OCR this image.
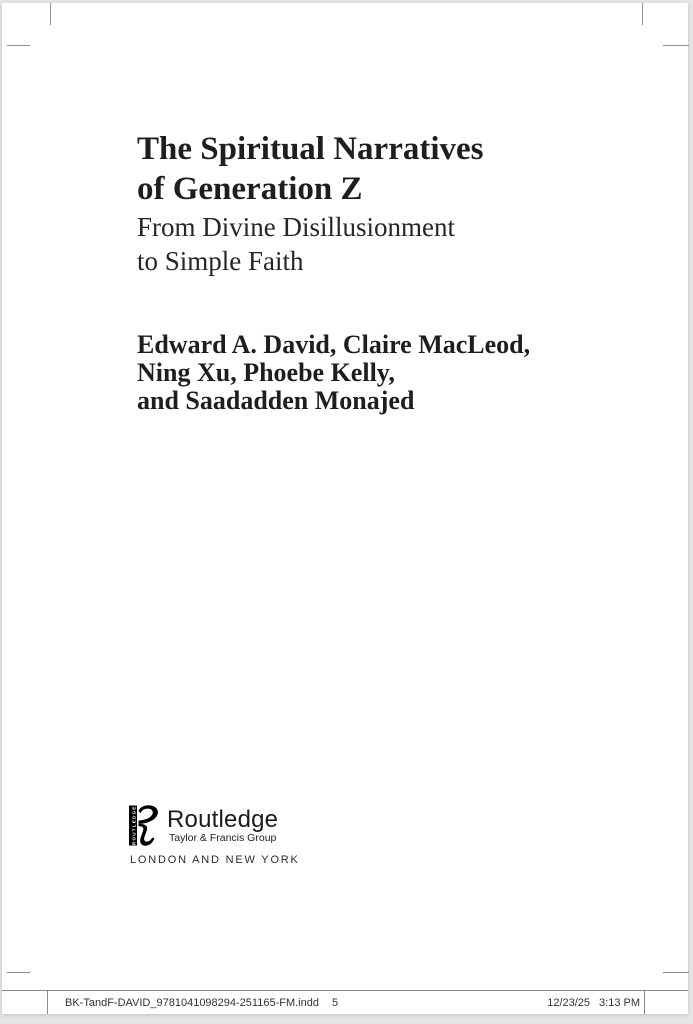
The Spiritual Narratives
of Generation Z
From Divine Disillusionment
to Simple Faith
Edward A. David, Claire MacLeod,
Ning Xu, Phoebe Kelly,
and Saadadden Monajed
ROUTLEDGE Routledge
Taylor & Francis Group
LONDON AND NEW YORK
BK-TandF-DAVID_9781041098294-251165-FM.indd 5	12/23/25 3:13 PM
